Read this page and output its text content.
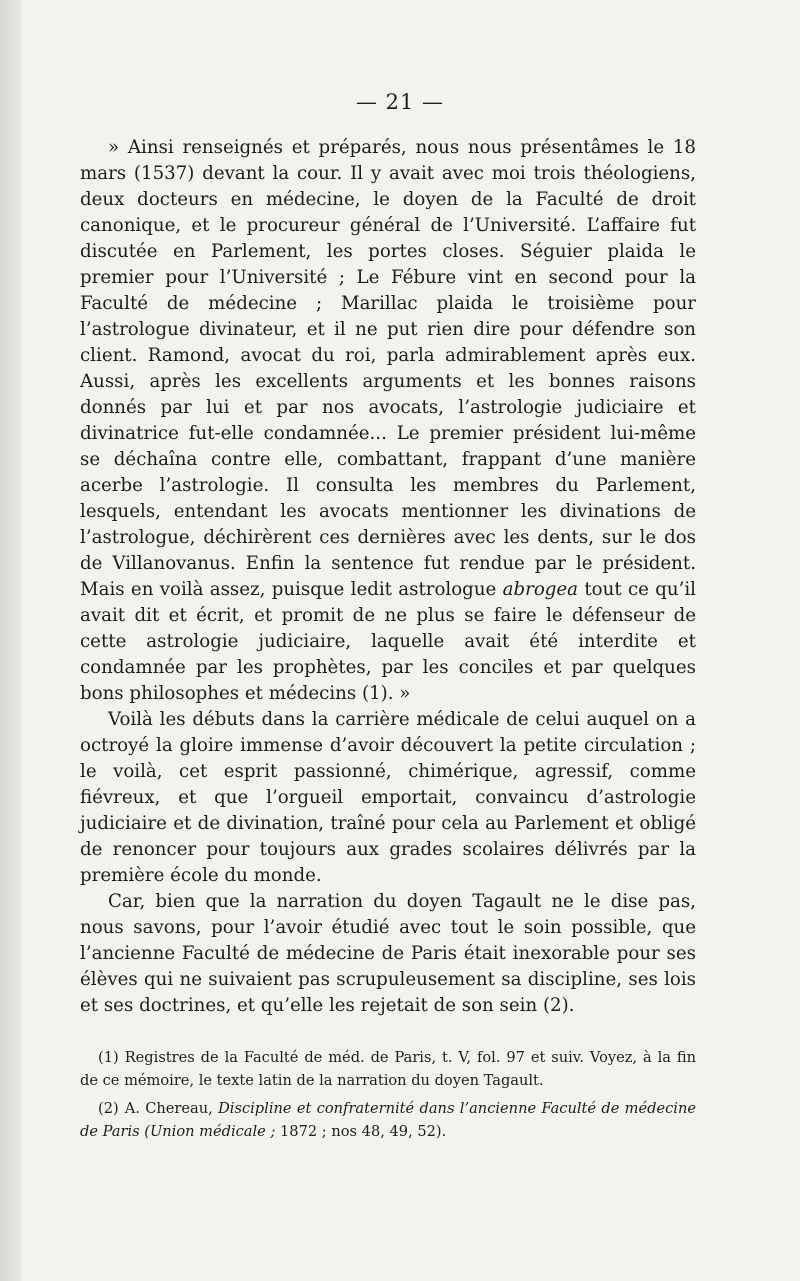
— 21 —

» Ainsi renseignés et préparés, nous nous présentâmes le 18 mars (1537) devant la cour. Il y avait avec moi trois théologiens, deux docteurs en médecine, le doyen de la Faculté de droit canonique, et le procureur général de l’Université. L’affaire fut discutée en Parlement, les portes closes. Séguier plaida le premier pour l’Université ; Le Fébure vint en second pour la Faculté de médecine ; Marillac plaida le troisième pour l’astrologue divinateur, et il ne put rien dire pour défendre son client. Ramond, avocat du roi, parla admirablement après eux. Aussi, après les excellents arguments et les bonnes raisons donnés par lui et par nos avocats, l’astrologie judiciaire et divinatrice fut-elle condamnée... Le premier président lui-même se déchaîna contre elle, combattant, frappant d’une manière acerbe l’astrologie. Il consulta les membres du Parlement, lesquels, entendant les avocats mentionner les divinations de l’astrologue, déchirèrent ces dernières avec les dents, sur le dos de Villanovanus. Enfin la sentence fut rendue par le président. Mais en voilà assez, puisque ledit astrologue abrogea tout ce qu’il avait dit et écrit, et promit de ne plus se faire le défenseur de cette astrologie judiciaire, laquelle avait été interdite et condamnée par les prophètes, par les conciles et par quelques bons philosophes et médecins (1). »

Voilà les débuts dans la carrière médicale de celui auquel on a octroyé la gloire immense d’avoir découvert la petite circulation ; le voilà, cet esprit passionné, chimérique, agressif, comme fiévreux, et que l’orgueil emportait, convaincu d’astrologie judiciaire et de divination, traîné pour cela au Parlement et obligé de renoncer pour toujours aux grades scolaires délivrés par la première école du monde.

Car, bien que la narration du doyen Tagault ne le dise pas, nous savons, pour l’avoir étudié avec tout le soin possible, que l’ancienne Faculté de médecine de Paris était inexorable pour ses élèves qui ne suivaient pas scrupuleusement sa discipline, ses lois et ses doctrines, et qu’elle les rejetait de son sein (2).

(1) Registres de la Faculté de méd. de Paris, t. V, fol. 97 et suiv. Voyez, à la fin de ce mémoire, le texte latin de la narration du doyen Tagault.

(2) A. Chereau, Discipline et confraternité dans l’ancienne Faculté de médecine de Paris (Union médicale ; 1872 ; nos 48, 49, 52).
